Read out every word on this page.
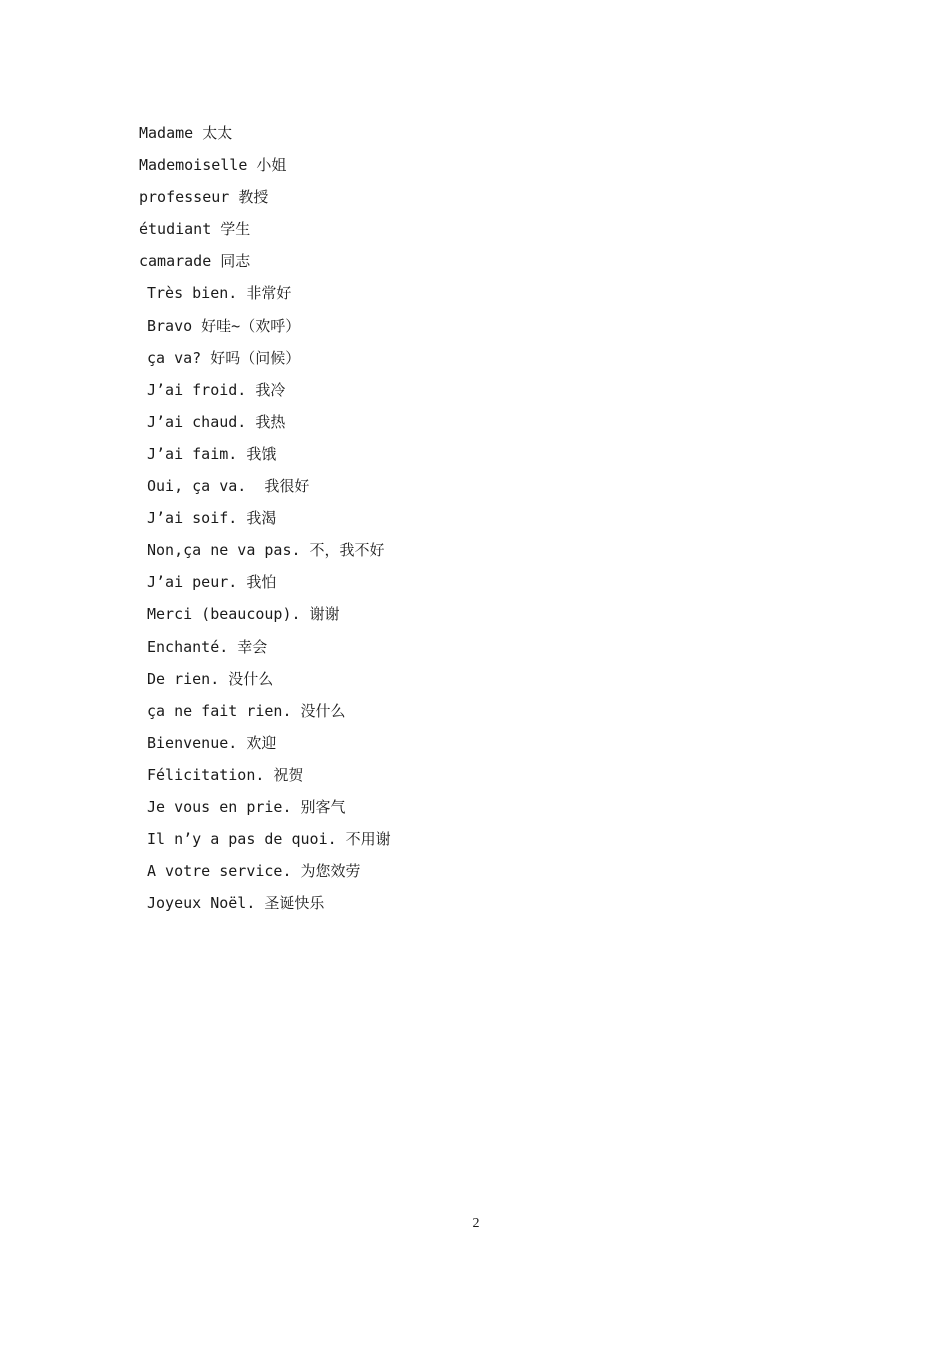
Madame 太太
Mademoiselle 小姐
professeur 教授
étudiant 学生
camarade 同志
Très bien. 非常好
Bravo 好哇~（欢呼）
ça va? 好吗（问候）
J’ai froid. 我冷
J’ai chaud. 我热
J’ai faim. 我饿
Oui, ça va.  我很好
J’ai soif. 我渴
Non,ça ne va pas. 不，我不好
J’ai peur. 我怕
Merci (beaucoup). 谢谢
Enchanté. 幸会
De rien. 没什么
ça ne fait rien. 没什么
Bienvenue. 欢迎
Félicitation. 祝贺
Je vous en prie. 别客气
Il n’y a pas de quoi. 不用谢
A votre service. 为您效劳
Joyeux Noël. 圣诞快乐
2
